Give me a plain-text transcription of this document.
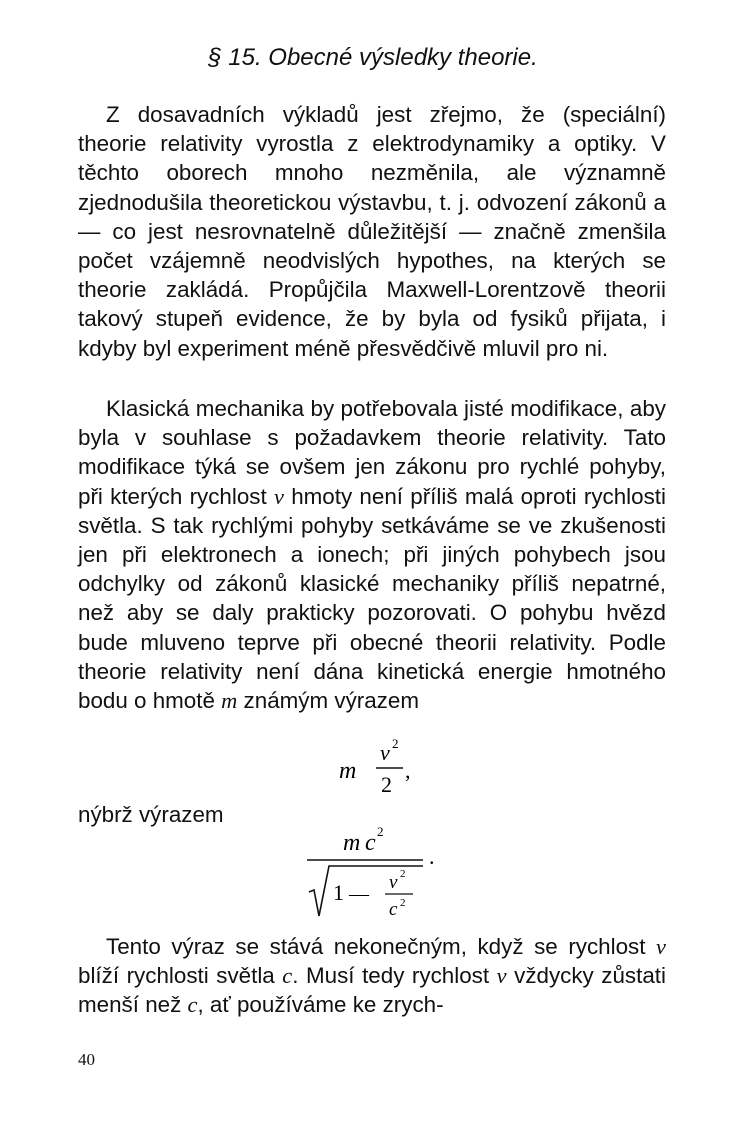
§ 15. Obecné výsledky theorie.

Z dosavadních výkladů jest zřejmo, že (speciální) theorie relativity vyrostla z elektrodynamiky a optiky. V těchto oborech mnoho nezměnila, ale významně zjednodušila theoretickou výstavbu, t. j. odvození zákonů a — co jest nesrovnatelně důležitější — značně zmenšila počet vzájemně neodvislých hypothes, na kterých se theorie zakládá. Propůjčila Maxwell-Lorentzově theorii takový stupeň evidence, že by byla od fysiků přijata, i kdyby byl experiment méně přesvědčivě mluvil pro ni.

Klasická mechanika by potřebovala jisté modifikace, aby byla v souhlase s požadavkem theorie relativity. Tato modifikace týká se ovšem jen zákonu pro rychlé pohyby, při kterých rychlost v hmoty není příliš malá oproti rychlosti světla. S tak rychlými pohyby setkáváme se ve zkušenosti jen při elektronech a ionech; při jiných pohybech jsou odchylky od zákonů klasické mechaniky příliš nepatrné, než aby se daly prakticky pozorovati. O pohybu hvězd bude mluveno teprve při obecné theorii relativity. Podle theorie relativity není dána kinetická energie hmotného bodu o hmotě m známým výrazem

m
v 2
2
,
nýbrž výrazem
m c 2
1 —
v 2
c 2
.

Tento výraz se stává nekonečným, když se rychlost v blíží rychlosti světla c. Musí tedy rychlost v vždycky zůstati menší než c, ať používáme ke zrych-

40
